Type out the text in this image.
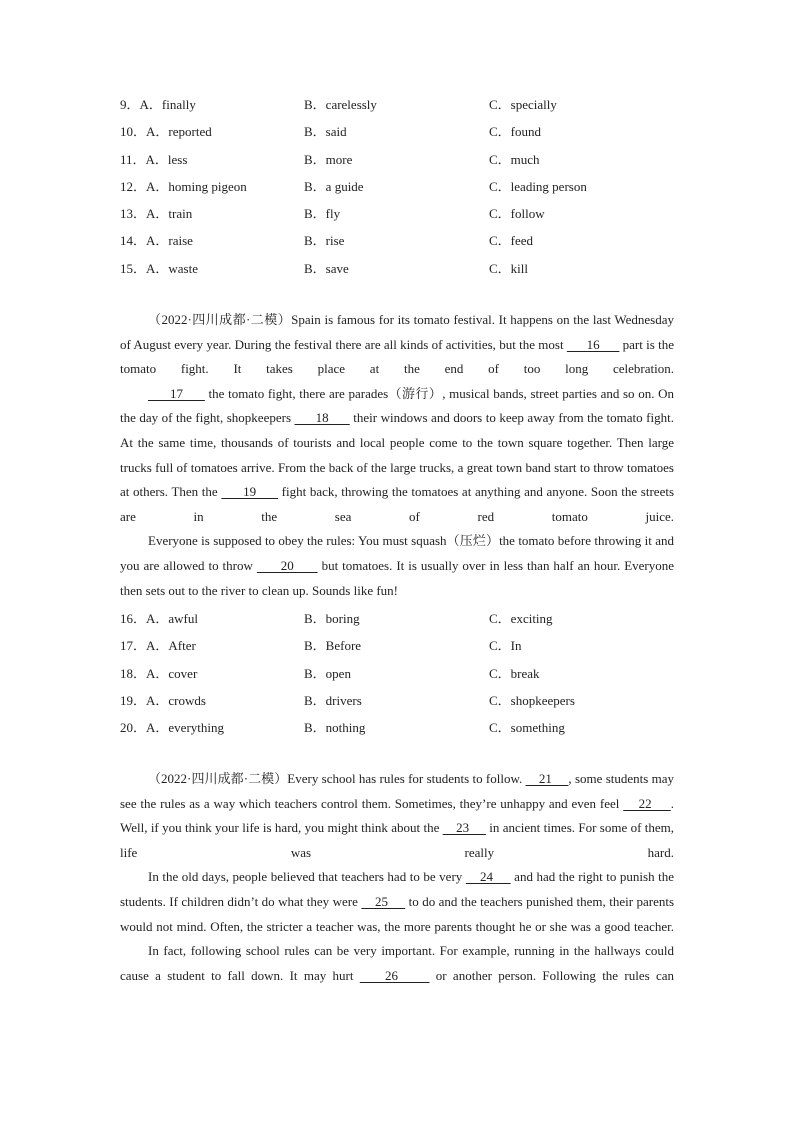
9．A．finally	B．carelessly	C．specially
10．A．reported	B．said	C．found
11．A．less	B．more	C．much
12．A．homing pigeon	B．a guide	C．leading person
13．A．train	B．fly	C．follow
14．A．raise	B．rise	C．feed
15．A．waste	B．save	C．kill

（2022·四川成都·二模）Spain is famous for its tomato festival. It happens on the last Wednesday of August every year. During the festival there are all kinds of activities, but the most       16       part is the tomato fight. It takes place at the end of too long celebration.

17       the tomato fight, there are parades（游行）, musical bands, street parties and so on. On the day of the fight, shopkeepers       18       their windows and doors to keep away from the tomato fight. At the same time, thousands of tourists and local people come to the town square together. Then large trucks full of tomatoes arrive. From the back of the large trucks, a great town band start to throw tomatoes at others. Then the       19       fight back, throwing the tomatoes at anything and anyone. Soon the streets are in the sea of red tomato juice.

Everyone is supposed to obey the rules: You must squash（压烂）the tomato before throwing it and you are allowed to throw       20       but tomatoes. It is usually over in less than half an hour. Everyone then sets out to the river to clean up. Sounds like fun!

16．A．awful	B．boring	C．exciting
17．A．After	B．Before	C．In
18．A．cover	B．open	C．break
19．A．crowds	B．drivers	C．shopkeepers
20．A．everything	B．nothing	C．something

（2022·四川成都·二模）Every school has rules for students to follow.     21     , some students may see the rules as a way which teachers control them. Sometimes, they’re unhappy and even feel     22     . Well, if you think your life is hard, you might think about the     23      in ancient times. For some of them, life was really hard.

In the old days, people believed that teachers had to be very     24      and had the right to punish the students. If children didn’t do what they were     25      to do and the teachers punished them, their parents would not mind. Often, the stricter a teacher was, the more parents thought he or she was a good teacher.

In fact, following school rules can be very important. For example, running in the hallways could cause a student to fall down. It may hurt     26      or another person. Following the rules can
